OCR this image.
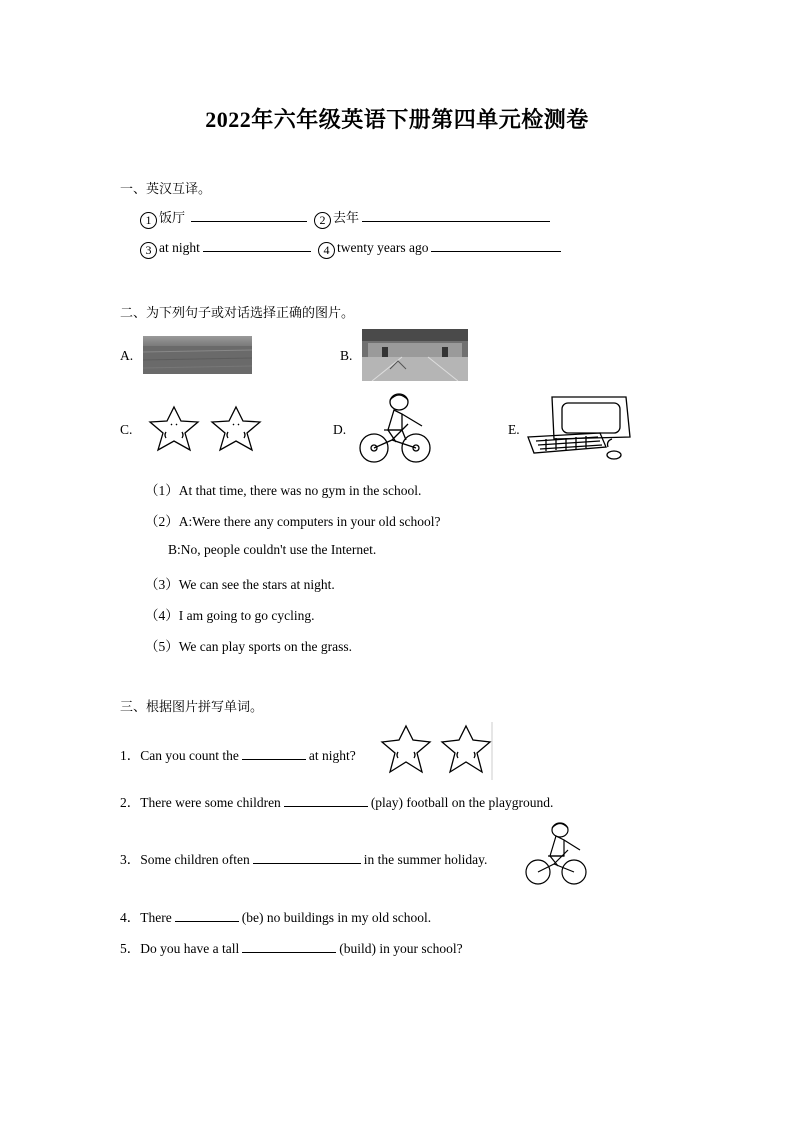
2022年六年级英语下册第四单元检测卷
一、英汉互译。
1 饭厅	2 去年
3 at night	4 twenty years ago
二、为下列句子或对话选择正确的图片。
A.	B.
C.	D.	E.
（1）At that time, there was no gym in the school.
（2）A:Were there any computers in your old school?
B:No, people couldn't use the Internet.
（3）We can see the stars at night.
（4）I am going to go cycling.
（5）We can play sports on the grass.
三、根据图片拼写单词。
1．Can you count the	at night?
2．There were some children	(play) football on the playground.
3．Some children often	in the summer holiday.
4．There	(be) no buildings in my old school.
5．Do you have a tall	(build) in your school?
